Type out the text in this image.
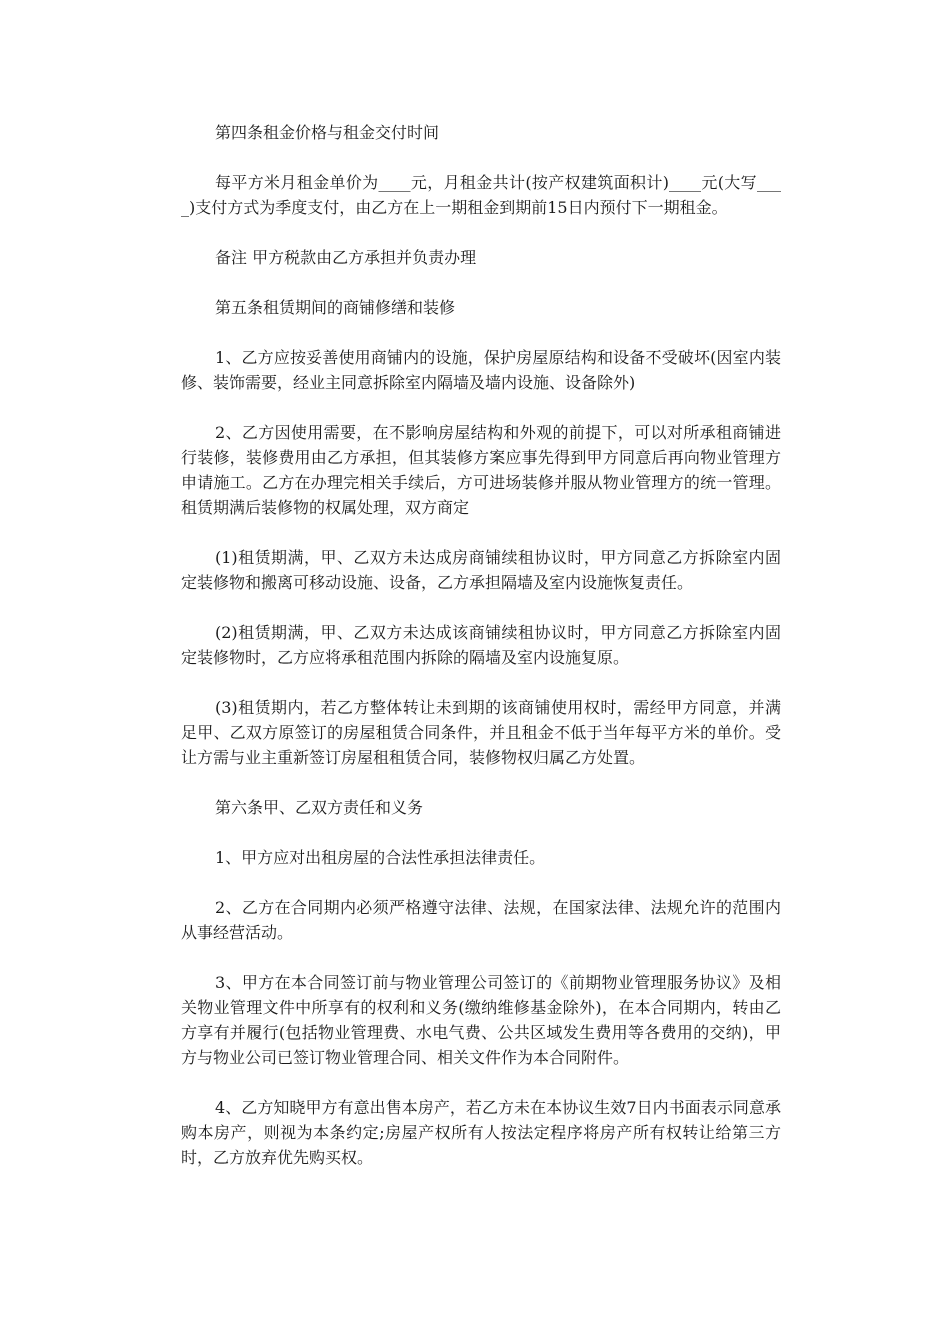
第四条租金价格与租金交付时间

每平方米月租金单价为____元，月租金共计(按产权建筑面积计)____元(大写____)支付方式为季度支付，由乙方在上一期租金到期前15日内预付下一期租金。

备注 甲方税款由乙方承担并负责办理

第五条租赁期间的商铺修缮和装修

1、乙方应按妥善使用商铺内的设施，保护房屋原结构和设备不受破坏(因室内装修、装饰需要，经业主同意拆除室内隔墙及墙内设施、设备除外)

2、乙方因使用需要，在不影响房屋结构和外观的前提下，可以对所承租商铺进行装修，装修费用由乙方承担，但其装修方案应事先得到甲方同意后再向物业管理方申请施工。乙方在办理完相关手续后，方可进场装修并服从物业管理方的统一管理。租赁期满后装修物的权属处理，双方商定

(1)租赁期满，甲、乙双方未达成房商铺续租协议时，甲方同意乙方拆除室内固定装修物和搬离可移动设施、设备，乙方承担隔墙及室内设施恢复责任。

(2)租赁期满，甲、乙双方未达成该商铺续租协议时，甲方同意乙方拆除室内固定装修物时，乙方应将承租范围内拆除的隔墙及室内设施复原。

(3)租赁期内，若乙方整体转让未到期的该商铺使用权时，需经甲方同意，并满足甲、乙双方原签订的房屋租赁合同条件，并且租金不低于当年每平方米的单价。受让方需与业主重新签订房屋租租赁合同，装修物权归属乙方处置。

第六条甲、乙双方责任和义务

1、甲方应对出租房屋的合法性承担法律责任。

2、乙方在合同期内必须严格遵守法律、法规，在国家法律、法规允许的范围内从事经营活动。

3、甲方在本合同签订前与物业管理公司签订的《前期物业管理服务协议》及相关物业管理文件中所享有的权利和义务(缴纳维修基金除外)，在本合同期内，转由乙方享有并履行(包括物业管理费、水电气费、公共区域发生费用等各费用的交纳)，甲方与物业公司已签订物业管理合同、相关文件作为本合同附件。

4、乙方知晓甲方有意出售本房产，若乙方未在本协议生效7日内书面表示同意承购本房产，则视为本条约定;房屋产权所有人按法定程序将房产所有权转让给第三方时，乙方放弃优先购买权。
